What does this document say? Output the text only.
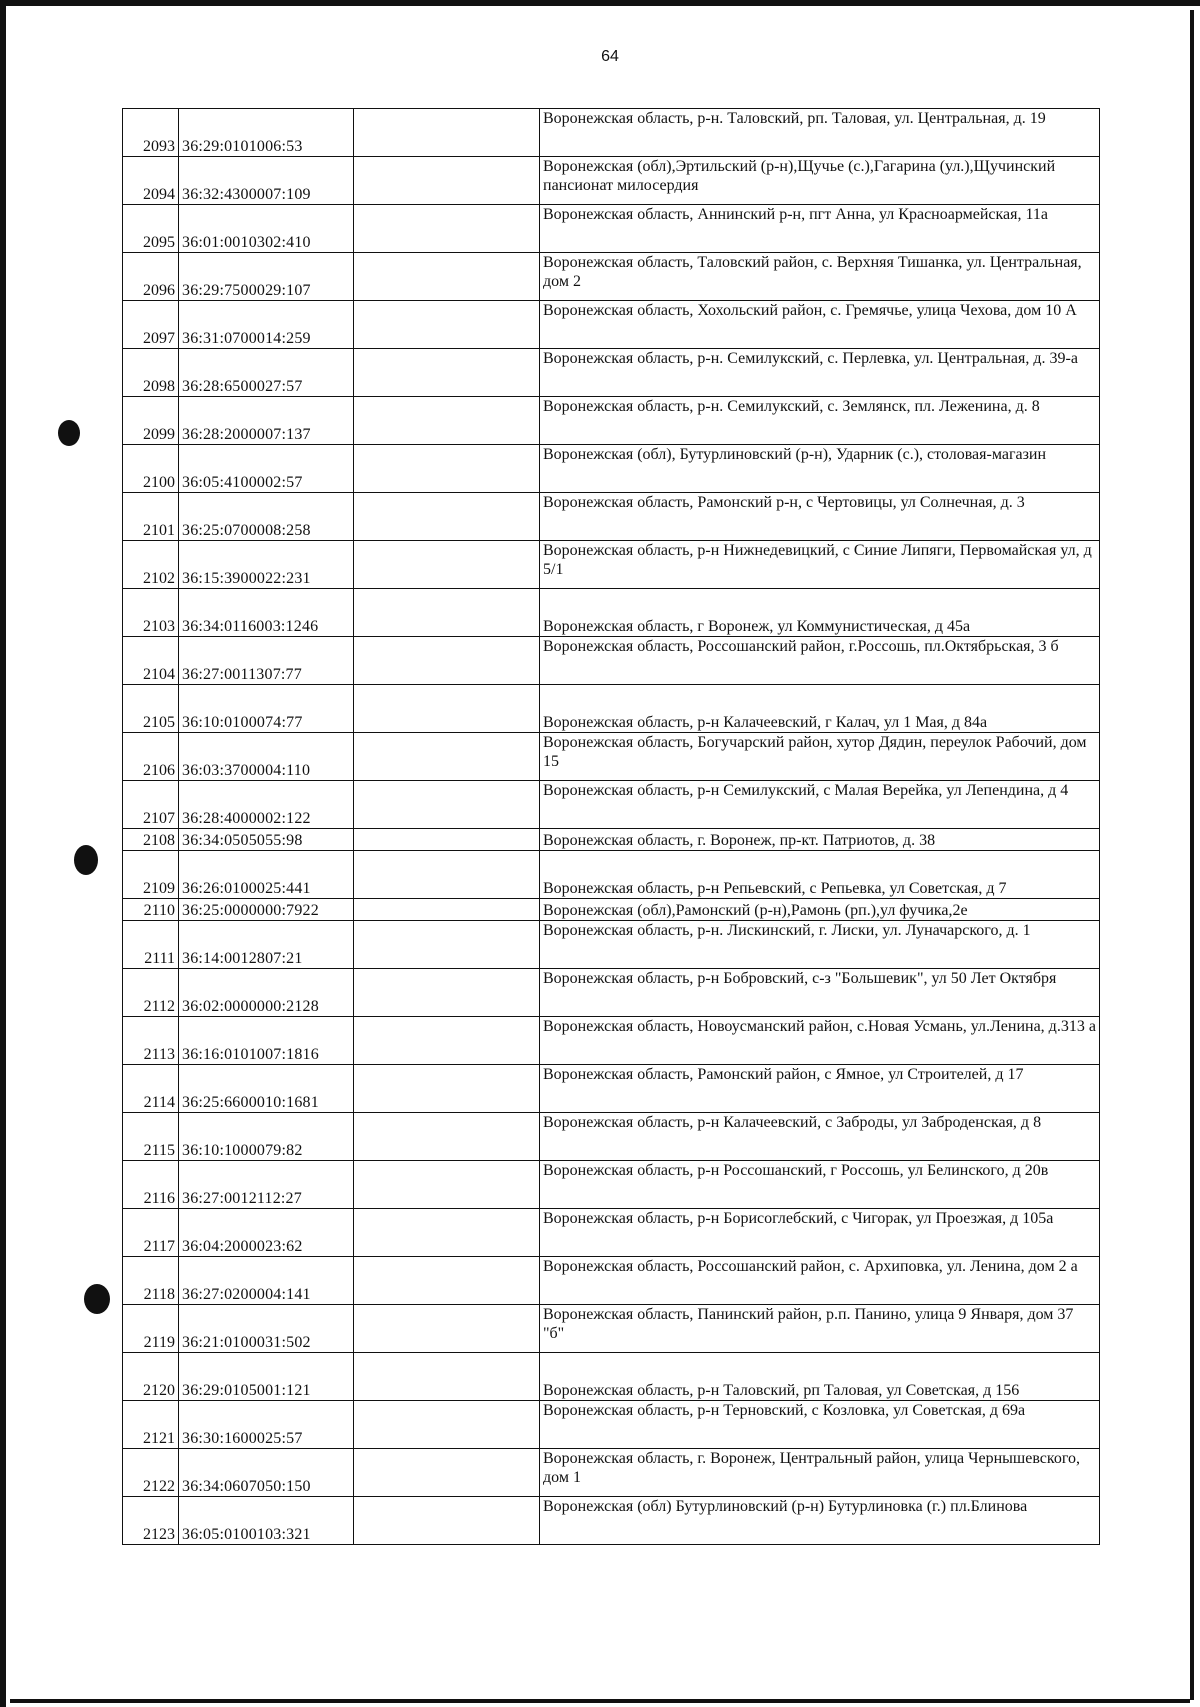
64
2093	36:29:0101006:53		Воронежская область, р-н. Таловский, рп. Таловая, ул. Центральная, д. 19
2094	36:32:4300007:109		Воронежская (обл),Эртильский (р-н),Щучье (с.),Гагарина (ул.),Щучинский пансионат милосердия
2095	36:01:0010302:410		Воронежская область, Аннинский р-н, пгт Анна, ул Красноармейская, 11а
2096	36:29:7500029:107		Воронежская область, Таловский район, с. Верхняя Тишанка, ул. Центральная, дом 2
2097	36:31:0700014:259		Воронежская область, Хохольский район, с. Гремячье, улица Чехова, дом 10 А
2098	36:28:6500027:57		Воронежская область, р-н. Семилукский, с. Перлевка, ул. Центральная, д. 39-а
2099	36:28:2000007:137		Воронежская область, р-н. Семилукский, с. Землянск, пл. Леженина, д. 8
2100	36:05:4100002:57		Воронежская (обл), Бутурлиновский (р-н), Ударник (с.), столовая-магазин
2101	36:25:0700008:258		Воронежская область, Рамонский р-н, с Чертовицы, ул Солнечная, д. 3
2102	36:15:3900022:231		Воронежская область, р-н Нижнедевицкий, с Синие Липяги, Первомайская ул, д 5/1
2103	36:34:0116003:1246		Воронежская область, г Воронеж, ул Коммунистическая, д 45а
2104	36:27:0011307:77		Воронежская область, Россошанский район, г.Россошь, пл.Октябрьская, 3 б
2105	36:10:0100074:77		Воронежская область, р-н Калачеевский, г Калач, ул 1 Мая, д 84а
2106	36:03:3700004:110		Воронежская область, Богучарский район, хутор Дядин, переулок Рабочий, дом 15
2107	36:28:4000002:122		Воронежская область, р-н Семилукский, с Малая Верейка, ул Лепендина, д 4
2108	36:34:0505055:98		Воронежская область, г. Воронеж, пр-кт. Патриотов, д. 38
2109	36:26:0100025:441		Воронежская область, р-н Репьевский, с Репьевка, ул Советская, д 7
2110	36:25:0000000:7922		Воронежская (обл),Рамонский (р-н),Рамонь (рп.),ул фучика,2е
2111	36:14:0012807:21		Воронежская область, р-н. Лискинский, г. Лиски, ул. Луначарского, д. 1
2112	36:02:0000000:2128		Воронежская область, р-н Бобровский, с-з "Большевик", ул 50 Лет Октября
2113	36:16:0101007:1816		Воронежская область, Новоусманский район, с.Новая Усмань, ул.Ленина, д.313 а
2114	36:25:6600010:1681		Воронежская область, Рамонский район, с Ямное, ул Строителей, д 17
2115	36:10:1000079:82		Воронежская область, р-н Калачеевский, с Заброды, ул Заброденская, д 8
2116	36:27:0012112:27		Воронежская область, р-н Россошанский, г Россошь, ул Белинского, д 20в
2117	36:04:2000023:62		Воронежская область, р-н Борисоглебский, с Чигорак, ул Проезжая, д 105а
2118	36:27:0200004:141		Воронежская область, Россошанский район, с. Архиповка, ул. Ленина, дом 2 а
2119	36:21:0100031:502		Воронежская область, Панинский район, р.п. Панино, улица 9 Января, дом 37 "б"
2120	36:29:0105001:121		Воронежская область, р-н Таловский, рп Таловая, ул Советская, д 156
2121	36:30:1600025:57		Воронежская область, р-н Терновский, с Козловка, ул Советская, д 69а
2122	36:34:0607050:150		Воронежская область, г. Воронеж, Центральный район, улица Чернышевского, дом 1
2123	36:05:0100103:321		Воронежская (обл) Бутурлиновский (р-н) Бутурлиновка (г.) пл.Блинова
